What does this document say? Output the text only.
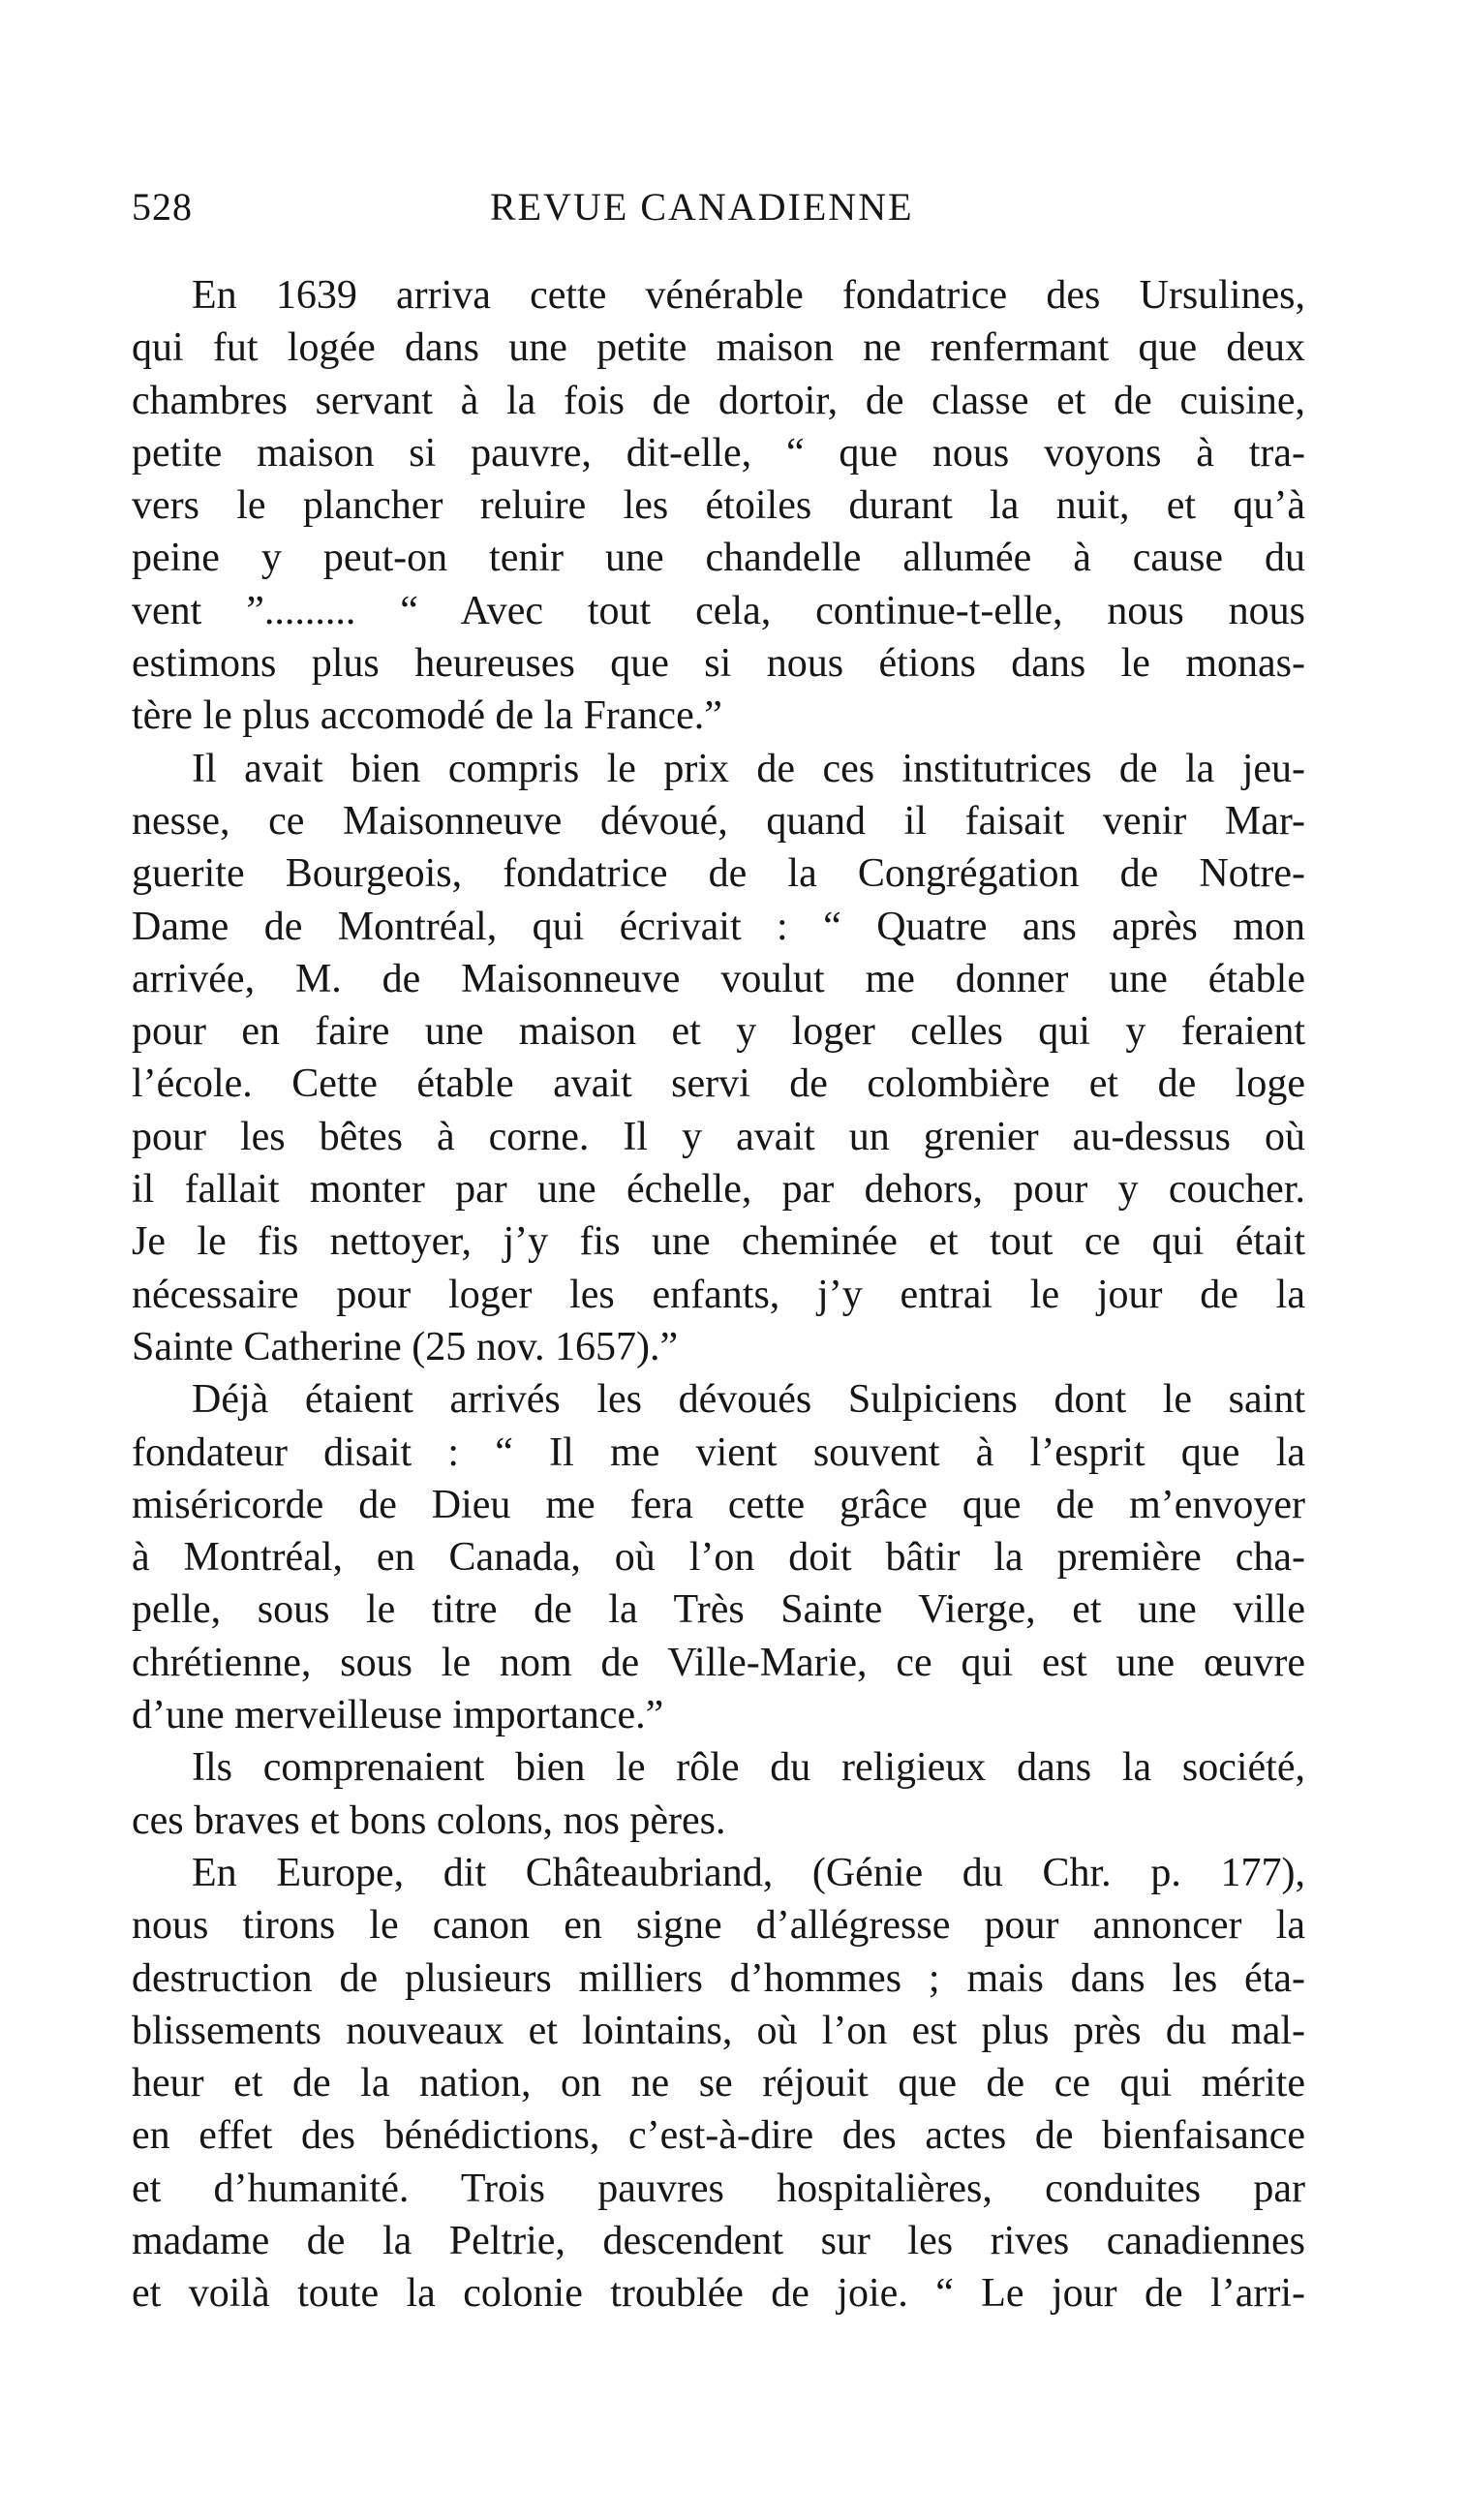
528	REVUE CANADIENNE
En 1639 arriva cette vénérable fondatrice des Ursulines,
qui fut logée dans une petite maison ne renfermant que deux
chambres servant à la fois de dortoir, de classe et de cuisine,
petite maison si pauvre, dit-elle, “ que nous voyons à tra-
vers le plancher reluire les étoiles durant la nuit, et qu’à
peine y peut-on tenir une chandelle allumée à cause du
vent ”......... “ Avec tout cela, continue-t-elle, nous nous
estimons plus heureuses que si nous étions dans le monas-
tère le plus accomodé de la France.”
Il avait bien compris le prix de ces institutrices de la jeu-
nesse, ce Maisonneuve dévoué, quand il faisait venir Mar-
guerite Bourgeois, fondatrice de la Congrégation de Notre-
Dame de Montréal, qui écrivait : “ Quatre ans après mon
arrivée, M. de Maisonneuve voulut me donner une étable
pour en faire une maison et y loger celles qui y feraient
l’école. Cette étable avait servi de colombière et de loge
pour les bêtes à corne. Il y avait un grenier au-dessus où
il fallait monter par une échelle, par dehors, pour y coucher.
Je le fis nettoyer, j’y fis une cheminée et tout ce qui était
nécessaire pour loger les enfants, j’y entrai le jour de la
Sainte Catherine (25 nov. 1657).”
Déjà étaient arrivés les dévoués Sulpiciens dont le saint
fondateur disait : “ Il me vient souvent à l’esprit que la
miséricorde de Dieu me fera cette grâce que de m’envoyer
à Montréal, en Canada, où l’on doit bâtir la première cha-
pelle, sous le titre de la Très Sainte Vierge, et une ville
chrétienne, sous le nom de Ville-Marie, ce qui est une œuvre
d’une merveilleuse importance.”
Ils comprenaient bien le rôle du religieux dans la société,
ces braves et bons colons, nos pères.
En Europe, dit Châteaubriand, (Génie du Chr. p. 177),
nous tirons le canon en signe d’allégresse pour annoncer la
destruction de plusieurs milliers d’hommes ; mais dans les éta-
blissements nouveaux et lointains, où l’on est plus près du mal-
heur et de la nation, on ne se réjouit que de ce qui mérite
en effet des bénédictions, c’est-à-dire des actes de bienfaisance
et d’humanité. Trois pauvres hospitalières, conduites par
madame de la Peltrie, descendent sur les rives canadiennes
et voilà toute la colonie troublée de joie. “ Le jour de l’arri-
